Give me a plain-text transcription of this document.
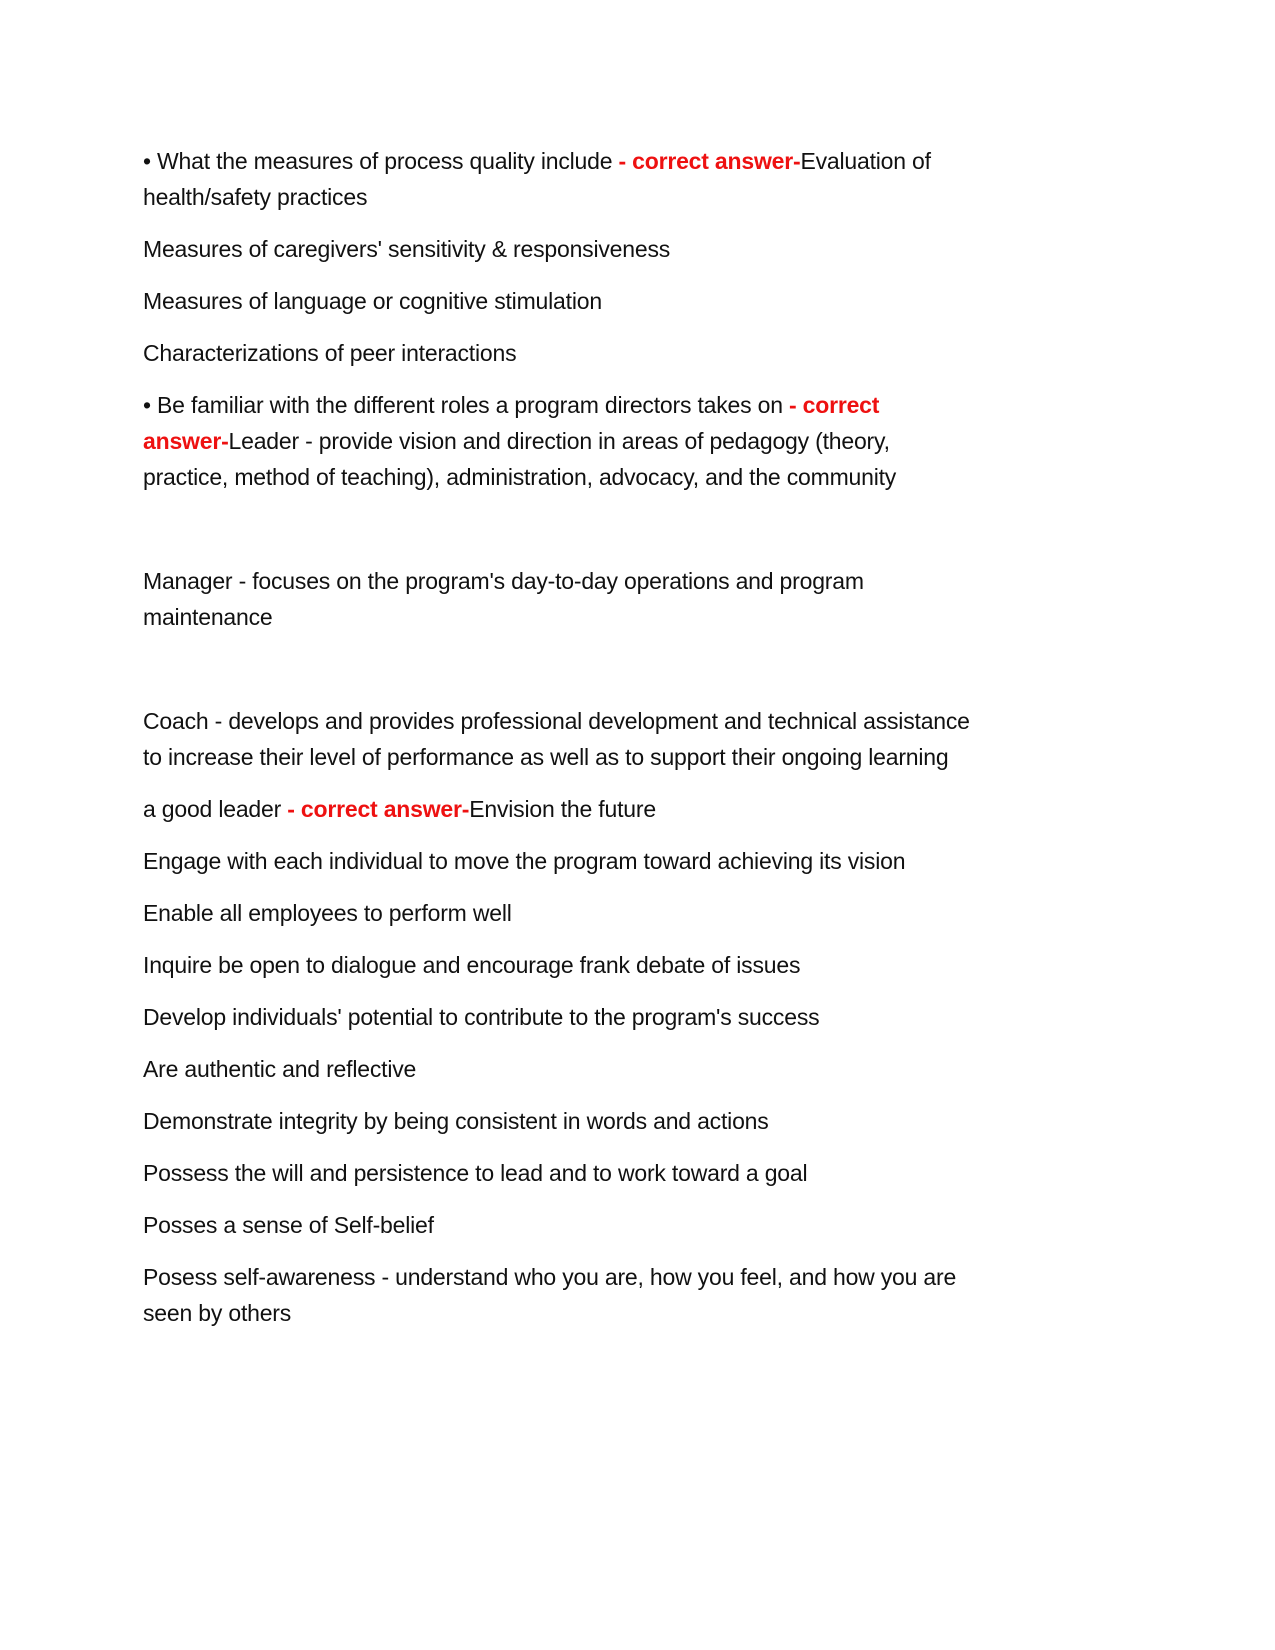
• What the measures of process quality include - correct answer-Evaluation of
health/safety practices

Measures of caregivers' sensitivity & responsiveness

Measures of language or cognitive stimulation

Characterizations of peer interactions

• Be familiar with the different roles a program directors takes on - correct
answer-Leader - provide vision and direction in areas of pedagogy (theory,
practice, method of teaching), administration, advocacy, and the community

Manager - focuses on the program's day-to-day operations and program
maintenance

Coach - develops and provides professional development and technical assistance
to increase their level of performance as well as to support their ongoing learning

a good leader - correct answer-Envision the future

Engage with each individual to move the program toward achieving its vision

Enable all employees to perform well

Inquire be open to dialogue and encourage frank debate of issues

Develop individuals' potential to contribute to the program's success

Are authentic and reflective

Demonstrate integrity by being consistent in words and actions

Possess the will and persistence to lead and to work toward a goal

Posses a sense of Self-belief

Posess self-awareness - understand who you are, how you feel, and how you are
seen by others
